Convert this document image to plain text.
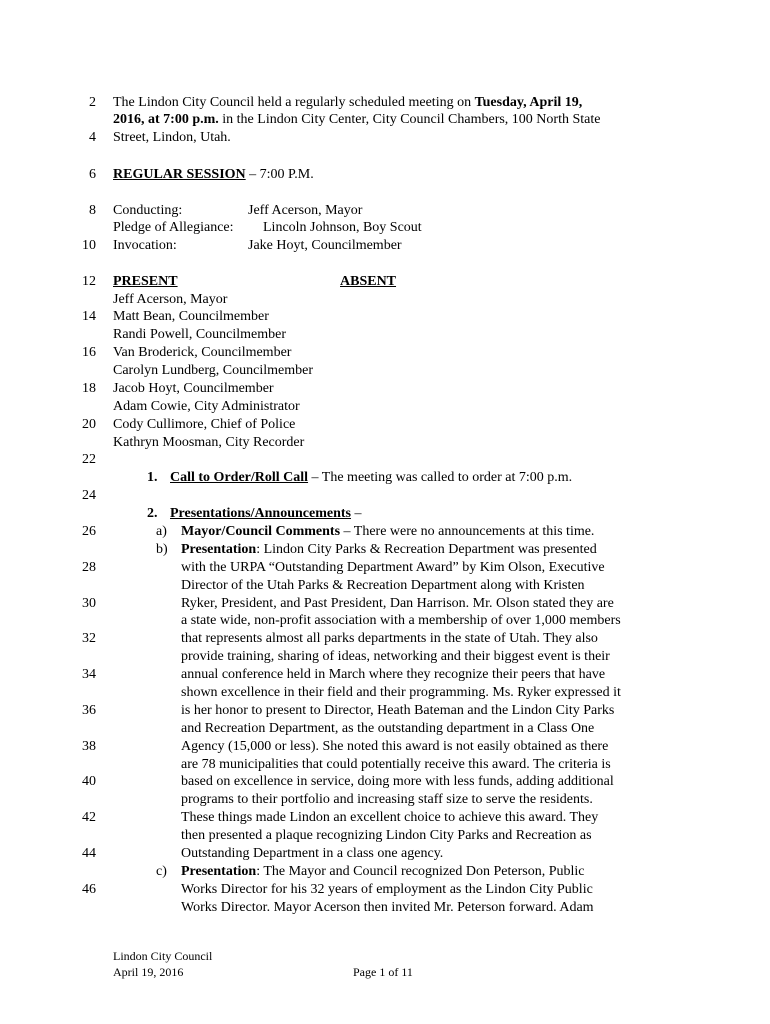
2
4
6
8
10
12
14
16
18
20
22
24
26
28
30
32
34
36
38
40
42
44
46
The Lindon City Council held a regularly scheduled meeting on Tuesday, April 19,
2016, at 7:00 p.m. in the Lindon City Center, City Council Chambers, 100 North State
Street, Lindon, Utah.
REGULAR SESSION – 7:00 P.M.
Conducting:	Jeff Acerson, Mayor
Pledge of Allegiance: Lincoln Johnson, Boy Scout
Invocation:	Jake Hoyt, Councilmember
PRESENT	ABSENT
Jeff Acerson, Mayor
Matt Bean, Councilmember
Randi Powell, Councilmember
Van Broderick, Councilmember
Carolyn Lundberg, Councilmember
Jacob Hoyt, Councilmember
Adam Cowie, City Administrator
Cody Cullimore, Chief of Police
Kathryn Moosman, City Recorder
1. Call to Order/Roll Call – The meeting was called to order at 7:00 p.m.
2. Presentations/Announcements –
a) Mayor/Council Comments – There were no announcements at this time.
b) Presentation: Lindon City Parks & Recreation Department was presented
with the URPA “Outstanding Department Award” by Kim Olson, Executive
Director of the Utah Parks & Recreation Department along with Kristen
Ryker, President, and Past President, Dan Harrison. Mr. Olson stated they are
a state wide, non-profit association with a membership of over 1,000 members
that represents almost all parks departments in the state of Utah. They also
provide training, sharing of ideas, networking and their biggest event is their
annual conference held in March where they recognize their peers that have
shown excellence in their field and their programming. Ms. Ryker expressed it
is her honor to present to Director, Heath Bateman and the Lindon City Parks
and Recreation Department, as the outstanding department in a Class One
Agency (15,000 or less). She noted this award is not easily obtained as there
are 78 municipalities that could potentially receive this award. The criteria is
based on excellence in service, doing more with less funds, adding additional
programs to their portfolio and increasing staff size to serve the residents.
These things made Lindon an excellent choice to achieve this award. They
then presented a plaque recognizing Lindon City Parks and Recreation as
Outstanding Department in a class one agency.
c) Presentation: The Mayor and Council recognized Don Peterson, Public
Works Director for his 32 years of employment as the Lindon City Public
Works Director. Mayor Acerson then invited Mr. Peterson forward. Adam
Lindon City Council
April 19, 2016	Page 1 of 11
